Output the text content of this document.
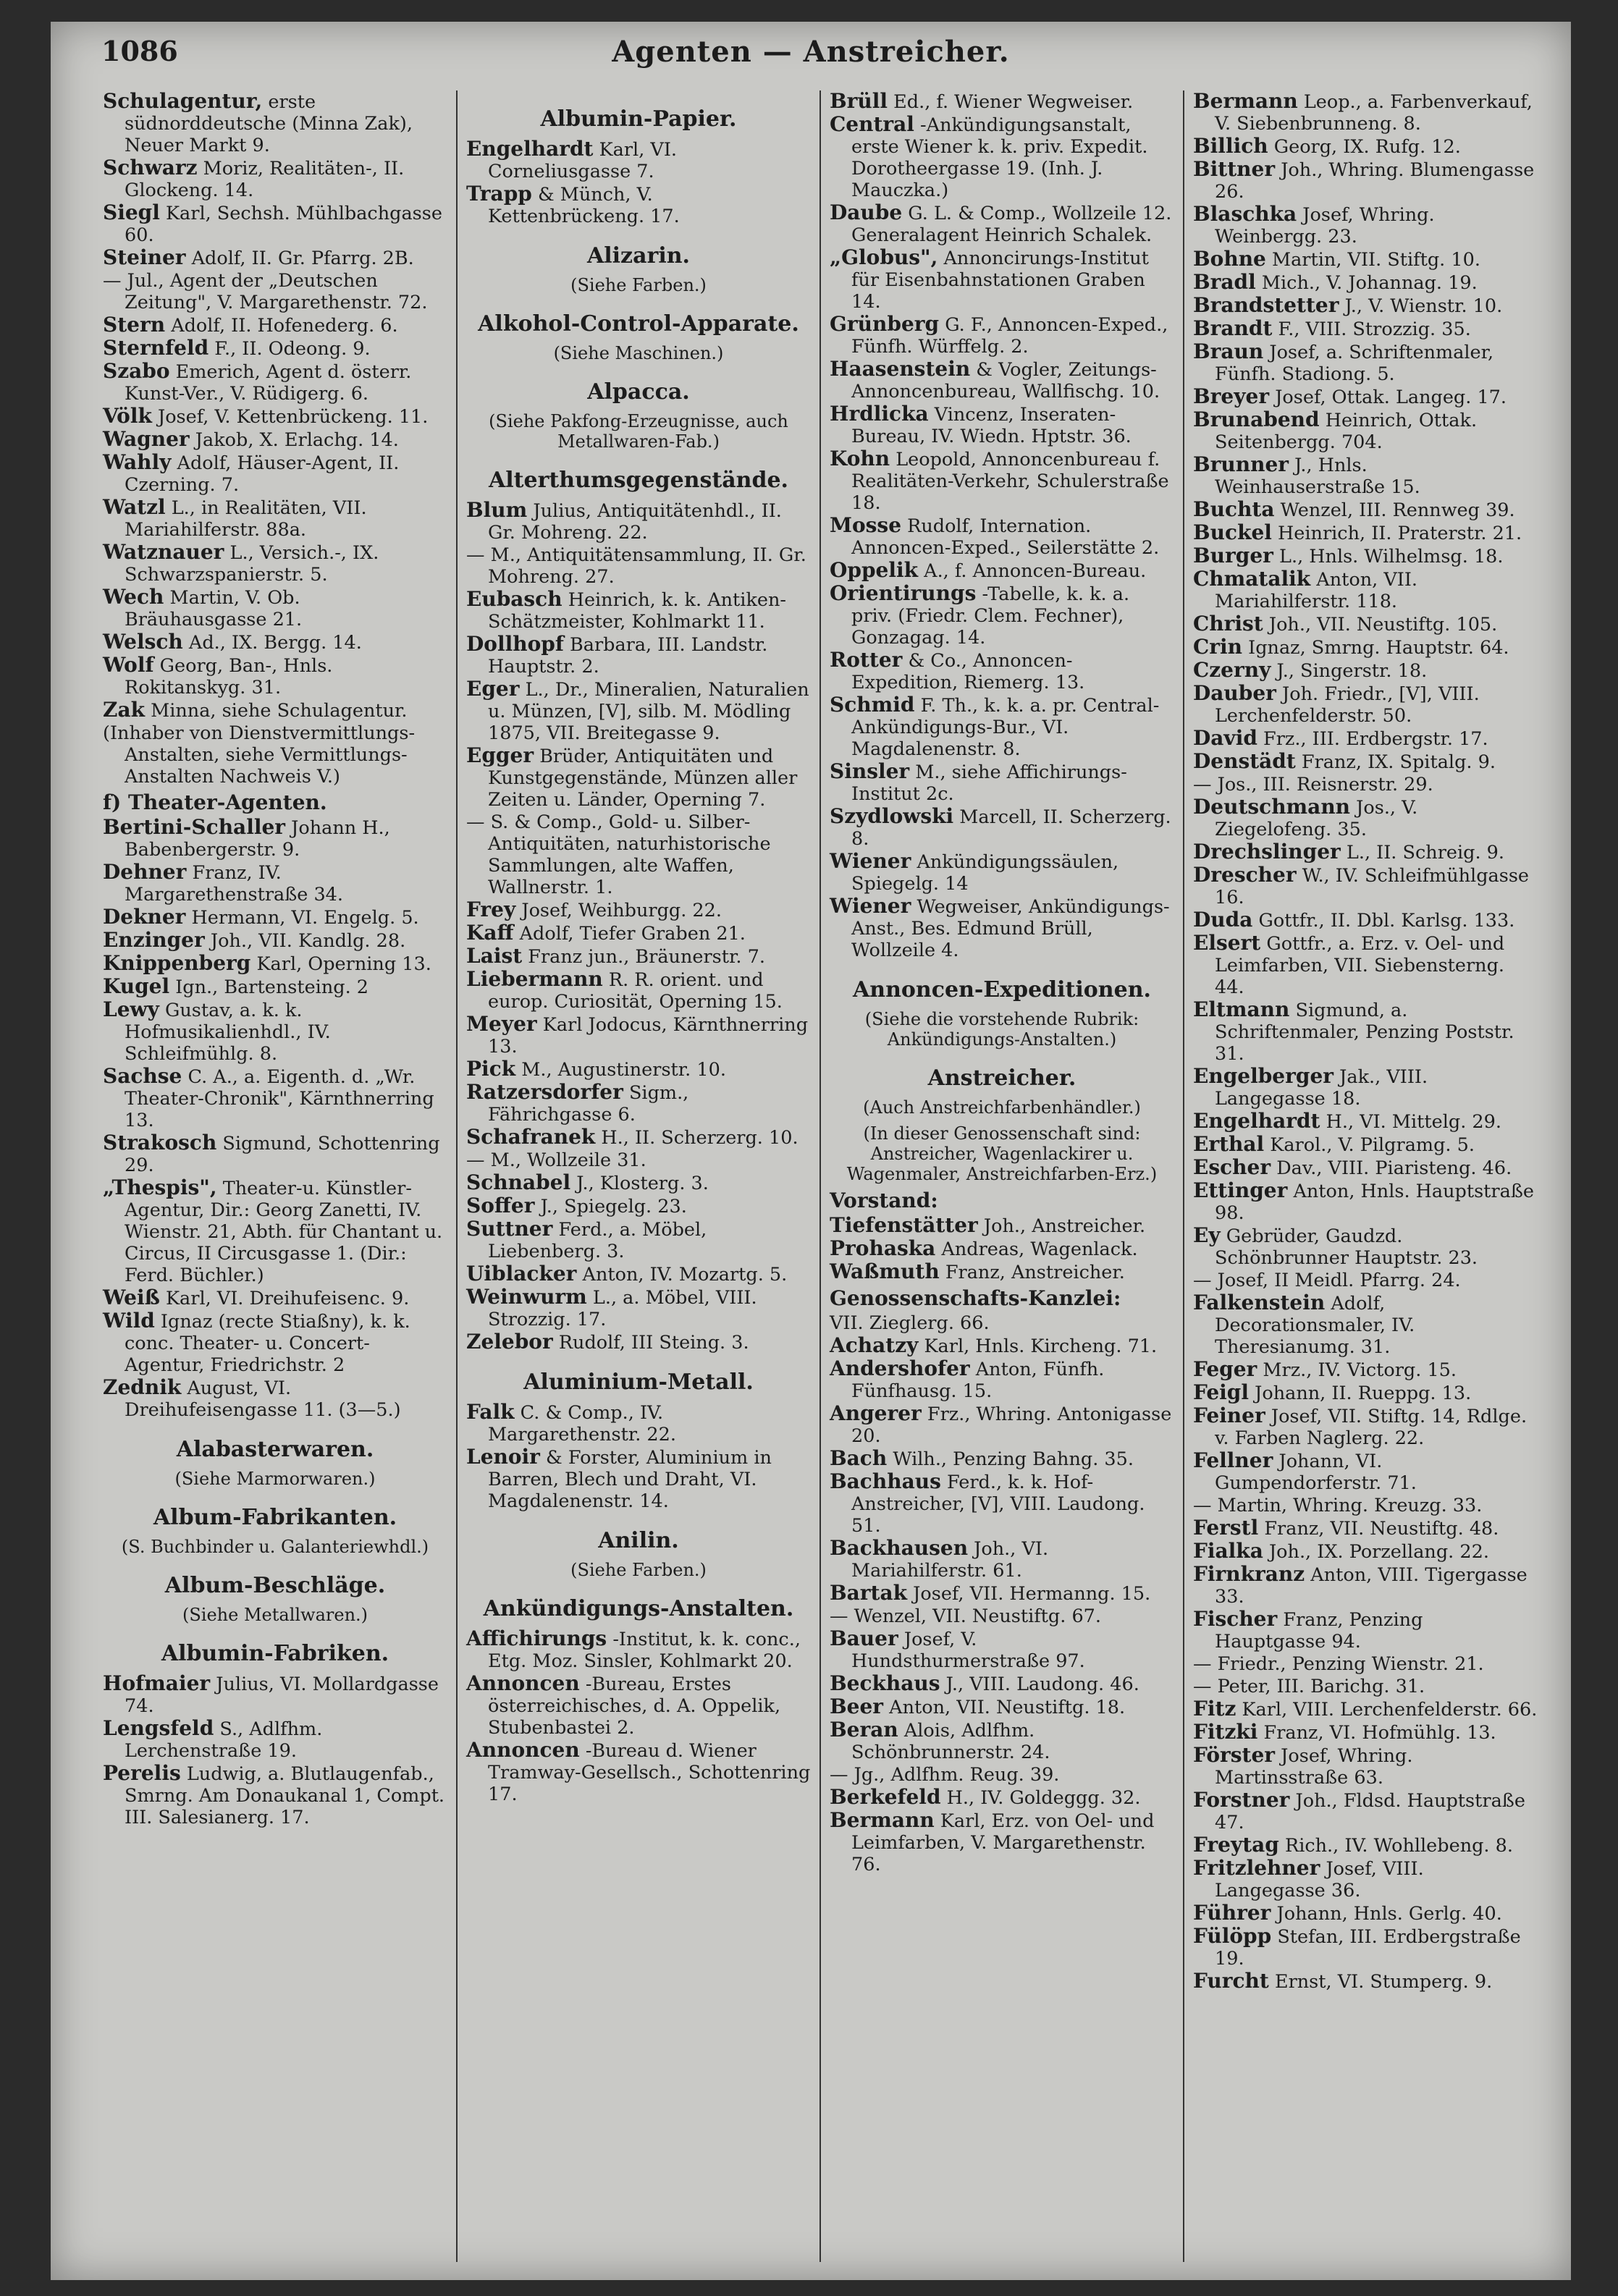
1086	Agenten — Anstreicher.
Schulagentur, erste südnorddeutsche (Minna Zak), Neuer Markt 9.
Schwarz Moriz, Realitäten-, II. Glockeng. 14.
Siegl Karl, Sechsh. Mühlbachgasse 60.
Steiner Adolf, II. Gr. Pfarrg. 2B.
— Jul., Agent der „Deutschen Zeitung", V. Margarethenstr. 72.
Stern Adolf, II. Hofenederg. 6.
Sternfeld F., II. Odeong. 9.
Szabo Emerich, Agent d. österr. Kunst-Ver., V. Rüdigerg. 6.
Völk Josef, V. Kettenbrückeng. 11.
Wagner Jakob, X. Erlachg. 14.
Wahly Adolf, Häuser-Agent, II. Czerning. 7.
Watzl L., in Realitäten, VII. Mariahilferstr. 88a.
Watznauer L., Versich.-, IX. Schwarzspanierstr. 5.
Wech Martin, V. Ob. Bräuhausgasse 21.
Welsch Ad., IX. Bergg. 14.
Wolf Georg, Ban-, Hnls. Rokitanskyg. 31.
Zak Minna, siehe Schulagentur.
(Inhaber von Dienstvermittlungs-Anstalten, siehe Vermittlungs-Anstalten Nachweis V.)
f) Theater-Agenten.
Bertini-Schaller Johann H., Babenbergerstr. 9.
Dehner Franz, IV. Margarethenstraße 34.
Dekner Hermann, VI. Engelg. 5.
Enzinger Joh., VII. Kandlg. 28.
Knippenberg Karl, Operning 13.
Kugel Ign., Bartensteing. 2
Lewy Gustav, a. k. k. Hofmusikalienhdl., IV. Schleifmühlg. 8.
Sachse C. A., a. Eigenth. d. „Wr. Theater-Chronik", Kärnthnerring 13.
Strakosch Sigmund, Schottenring 29.
„Thespis", Theater-u. Künstler-Agentur, Dir.: Georg Zanetti, IV. Wienstr. 21, Abth. für Chantant u. Circus, II Circusgasse 1. (Dir.: Ferd. Büchler.)
Weiß Karl, VI. Dreihufeisenc. 9.
Wild Ignaz (recte Stiaßny), k. k. conc. Theater- u. Concert-Agentur, Friedrichstr. 2
Zednik August, VI. Dreihufeisengasse 11. (3—5.)
Alabasterwaren.
(Siehe Marmorwaren.)
Album-Fabrikanten.
(S. Buchbinder u. Galanteriewhdl.)
Album-Beschläge.
(Siehe Metallwaren.)
Albumin-Fabriken.
Hofmaier Julius, VI. Mollardgasse 74.
Lengsfeld S., Adlfhm. Lerchenstraße 19.
Perelis Ludwig, a. Blutlaugenfab., Smrng. Am Donaukanal 1, Compt. III. Salesianerg. 17.
Albumin-Papier.
Engelhardt Karl, VI. Corneliusgasse 7.
Trapp & Münch, V. Kettenbrückeng. 17.
Alizarin.
(Siehe Farben.)
Alkohol-Control-Apparate.
(Siehe Maschinen.)
Alpacca.
(Siehe Pakfong-Erzeugnisse, auch Metallwaren-Fab.)
Alterthumsgegenstände.
Blum Julius, Antiquitätenhdl., II. Gr. Mohreng. 22.
— M., Antiquitätensammlung, II. Gr. Mohreng. 27.
Eubasch Heinrich, k. k. Antiken-Schätzmeister, Kohlmarkt 11.
Dollhopf Barbara, III. Landstr. Hauptstr. 2.
Eger L., Dr., Mineralien, Naturalien u. Münzen, [V], silb. M. Mödling 1875, VII. Breitegasse 9.
Egger Brüder, Antiquitäten und Kunstgegenstände, Münzen aller Zeiten u. Länder, Operning 7.
— S. & Comp., Gold- u. Silber-Antiquitäten, naturhistorische Sammlungen, alte Waffen, Wallnerstr. 1.
Frey Josef, Weihburgg. 22.
Kaff Adolf, Tiefer Graben 21.
Laist Franz jun., Bräunerstr. 7.
Liebermann R. R. orient. und europ. Curiosität, Operning 15.
Meyer Karl Jodocus, Kärnthnerring 13.
Pick M., Augustinerstr. 10.
Ratzersdorfer Sigm., Fährichgasse 6.
Schafranek H., II. Scherzerg. 10.
— M., Wollzeile 31.
Schnabel J., Klosterg. 3.
Soffer J., Spiegelg. 23.
Suttner Ferd., a. Möbel, Liebenberg. 3.
Uiblacker Anton, IV. Mozartg. 5.
Weinwurm L., a. Möbel, VIII. Strozzig. 17.
Zelebor Rudolf, III Steing. 3.
Aluminium-Metall.
Falk C. & Comp., IV. Margarethenstr. 22.
Lenoir & Forster, Aluminium in Barren, Blech und Draht, VI. Magdalenenstr. 14.
Anilin.
(Siehe Farben.)
Ankündigungs-Anstalten.
Affichirungs -Institut, k. k. conc., Etg. Moz. Sinsler, Kohlmarkt 20.
Annoncen -Bureau, Erstes österreichisches, d. A. Oppelik, Stubenbastei 2.
Annoncen -Bureau d. Wiener Tramway-Gesellsch., Schottenring 17.
Brüll Ed., f. Wiener Wegweiser.
Central -Ankündigungsanstalt, erste Wiener k. k. priv. Expedit. Dorotheergasse 19. (Inh. J. Mauczka.)
Daube G. L. & Comp., Wollzeile 12. Generalagent Heinrich Schalek.
„Globus", Annoncirungs-Institut für Eisenbahnstationen Graben 14.
Grünberg G. F., Annoncen-Exped., Fünfh. Würffelg. 2.
Haasenstein & Vogler, Zeitungs-Annoncenbureau, Wallfischg. 10.
Hrdlicka Vincenz, Inseraten-Bureau, IV. Wiedn. Hptstr. 36.
Kohn Leopold, Annoncenbureau f. Realitäten-Verkehr, Schulerstraße 18.
Mosse Rudolf, Internation. Annoncen-Exped., Seilerstätte 2.
Oppelik A., f. Annoncen-Bureau.
Orientirungs -Tabelle, k. k. a. priv. (Friedr. Clem. Fechner), Gonzagag. 14.
Rotter & Co., Annoncen-Expedition, Riemerg. 13.
Schmid F. Th., k. k. a. pr. Central-Ankündigungs-Bur., VI. Magdalenenstr. 8.
Sinsler M., siehe Affichirungs-Institut 2c.
Szydlowski Marcell, II. Scherzerg. 8.
Wiener Ankündigungssäulen, Spiegelg. 14
Wiener Wegweiser, Ankündigungs-Anst., Bes. Edmund Brüll, Wollzeile 4.
Annoncen-Expeditionen.
(Siehe die vorstehende Rubrik: Ankündigungs-Anstalten.)
Anstreicher.
(Auch Anstreichfarbenhändler.)
(In dieser Genossenschaft sind: Anstreicher, Wagenlackirer u. Wagenmaler, Anstreichfarben-Erz.)
Vorstand:
Tiefenstätter Joh., Anstreicher.
Prohaska Andreas, Wagenlack.
Waßmuth Franz, Anstreicher.
Genossenschafts-Kanzlei:
VII. Zieglerg. 66.
Achatzy Karl, Hnls. Kircheng. 71.
Andershofer Anton, Fünfh. Fünfhausg. 15.
Angerer Frz., Whring. Antonigasse 20.
Bach Wilh., Penzing Bahng. 35.
Bachhaus Ferd., k. k. Hof-Anstreicher, [V], VIII. Laudong. 51.
Backhausen Joh., VI. Mariahilferstr. 61.
Bartak Josef, VII. Hermanng. 15.
— Wenzel, VII. Neustiftg. 67.
Bauer Josef, V. Hundsthurmerstraße 97.
Beckhaus J., VIII. Laudong. 46.
Beer Anton, VII. Neustiftg. 18.
Beran Alois, Adlfhm. Schönbrunnerstr. 24.
— Jg., Adlfhm. Reug. 39.
Berkefeld H., IV. Goldeggg. 32.
Bermann Karl, Erz. von Oel- und Leimfarben, V. Margarethenstr. 76.
Bermann Leop., a. Farbenverkauf, V. Siebenbrunneng. 8.
Billich Georg, IX. Rufg. 12.
Bittner Joh., Whring. Blumengasse 26.
Blaschka Josef, Whring. Weinbergg. 23.
Bohne Martin, VII. Stiftg. 10.
Bradl Mich., V. Johannag. 19.
Brandstetter J., V. Wienstr. 10.
Brandt F., VIII. Strozzig. 35.
Braun Josef, a. Schriftenmaler, Fünfh. Stadiong. 5.
Breyer Josef, Ottak. Langeg. 17.
Brunabend Heinrich, Ottak. Seitenbergg. 704.
Brunner J., Hnls. Weinhauserstraße 15.
Buchta Wenzel, III. Rennweg 39.
Buckel Heinrich, II. Praterstr. 21.
Burger L., Hnls. Wilhelmsg. 18.
Chmatalik Anton, VII. Mariahilferstr. 118.
Christ Joh., VII. Neustiftg. 105.
Crin Ignaz, Smrng. Hauptstr. 64.
Czerny J., Singerstr. 18.
Dauber Joh. Friedr., [V], VIII. Lerchenfelderstr. 50.
David Frz., III. Erdbergstr. 17.
Denstädt Franz, IX. Spitalg. 9.
— Jos., III. Reisnerstr. 29.
Deutschmann Jos., V. Ziegelofeng. 35.
Drechslinger L., II. Schreig. 9.
Drescher W., IV. Schleifmühlgasse 16.
Duda Gottfr., II. Dbl. Karlsg. 133.
Elsert Gottfr., a. Erz. v. Oel- und Leimfarben, VII. Siebensterng. 44.
Eltmann Sigmund, a. Schriftenmaler, Penzing Poststr. 31.
Engelberger Jak., VIII. Langegasse 18.
Engelhardt H., VI. Mittelg. 29.
Erthal Karol., V. Pilgramg. 5.
Escher Dav., VIII. Piaristeng. 46.
Ettinger Anton, Hnls. Hauptstraße 98.
Ey Gebrüder, Gaudzd. Schönbrunner Hauptstr. 23.
— Josef, II Meidl. Pfarrg. 24.
Falkenstein Adolf, Decorationsmaler, IV. Theresianumg. 31.
Feger Mrz., IV. Victorg. 15.
Feigl Johann, II. Rueppg. 13.
Feiner Josef, VII. Stiftg. 14, Rdlge. v. Farben Naglerg. 22.
Fellner Johann, VI. Gumpendorferstr. 71.
— Martin, Whring. Kreuzg. 33.
Ferstl Franz, VII. Neustiftg. 48.
Fialka Joh., IX. Porzellang. 22.
Firnkranz Anton, VIII. Tigergasse 33.
Fischer Franz, Penzing Hauptgasse 94.
— Friedr., Penzing Wienstr. 21.
— Peter, III. Barichg. 31.
Fitz Karl, VIII. Lerchenfelderstr. 66.
Fitzki Franz, VI. Hofmühlg. 13.
Förster Josef, Whring. Martinsstraße 63.
Forstner Joh., Fldsd. Hauptstraße 47.
Freytag Rich., IV. Wohllebeng. 8.
Fritzlehner Josef, VIII. Langegasse 36.
Führer Johann, Hnls. Gerlg. 40.
Fülöpp Stefan, III. Erdbergstraße 19.
Furcht Ernst, VI. Stumperg. 9.
